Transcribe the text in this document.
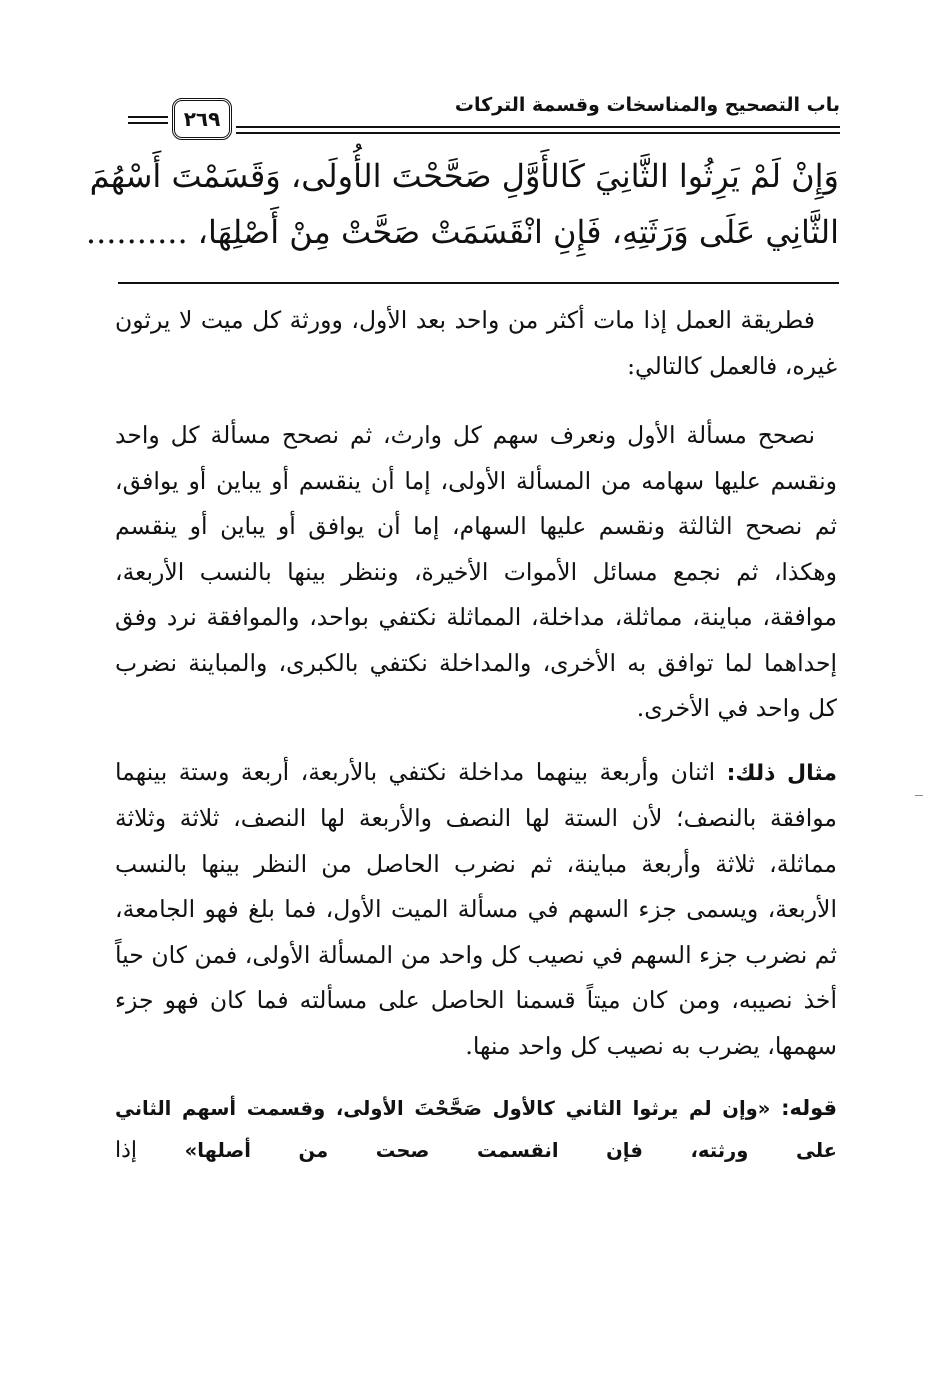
باب التصحيح والمناسخات وقسمة التركات
٢٦٩
وَإِنْ لَمْ يَرِثُوا الثَّانِيَ كَالأَوَّلِ صَحَّحْتَ الأُولَى، وَقَسَمْتَ أَسْهُمَ
الثَّانِي عَلَى وَرَثَتِهِ، فَإِنِ انْقَسَمَتْ صَحَّتْ مِنْ أَصْلِهَا،..........

فطريقة العمل إذا مات أكثر من واحد بعد الأول، وورثة كل ميت لا يرثون غيره، فالعمل كالتالي:

نصحح مسألة الأول ونعرف سهم كل وارث، ثم نصحح مسألة كل واحد ونقسم عليها سهامه من المسألة الأولى، إما أن ينقسم أو يباين أو يوافق، ثم نصحح الثالثة ونقسم عليها السهام، إما أن يوافق أو يباين أو ينقسم وهكذا، ثم نجمع مسائل الأموات الأخيرة، وننظر بينها بالنسب الأربعة، موافقة، مباينة، مماثلة، مداخلة، المماثلة نكتفي بواحد، والموافقة نرد وفق إحداهما لما توافق به الأخرى، والمداخلة نكتفي بالكبرى، والمباينة نضرب كل واحد في الأخرى.

مثال ذلك: اثنان وأربعة بينهما مداخلة نكتفي بالأربعة، أربعة وستة بينهما موافقة بالنصف؛ لأن الستة لها النصف والأربعة لها النصف، ثلاثة وثلاثة مماثلة، ثلاثة وأربعة مباينة، ثم نضرب الحاصل من النظر بينها بالنسب الأربعة، ويسمى جزء السهم في مسألة الميت الأول، فما بلغ فهو الجامعة، ثم نضرب جزء السهم في نصيب كل واحد من المسألة الأولى، فمن كان حياً أخذ نصيبه، ومن كان ميتاً قسمنا الحاصل على مسألته فما كان فهو جزء سهمها، يضرب به نصيب كل واحد منها.

قوله: «وإن لم يرثوا الثاني كالأول صَحَّحْتَ الأولى، وقسمت أسهم الثاني على ورثته، فإن انقسمت صحت من أصلها» إذا
